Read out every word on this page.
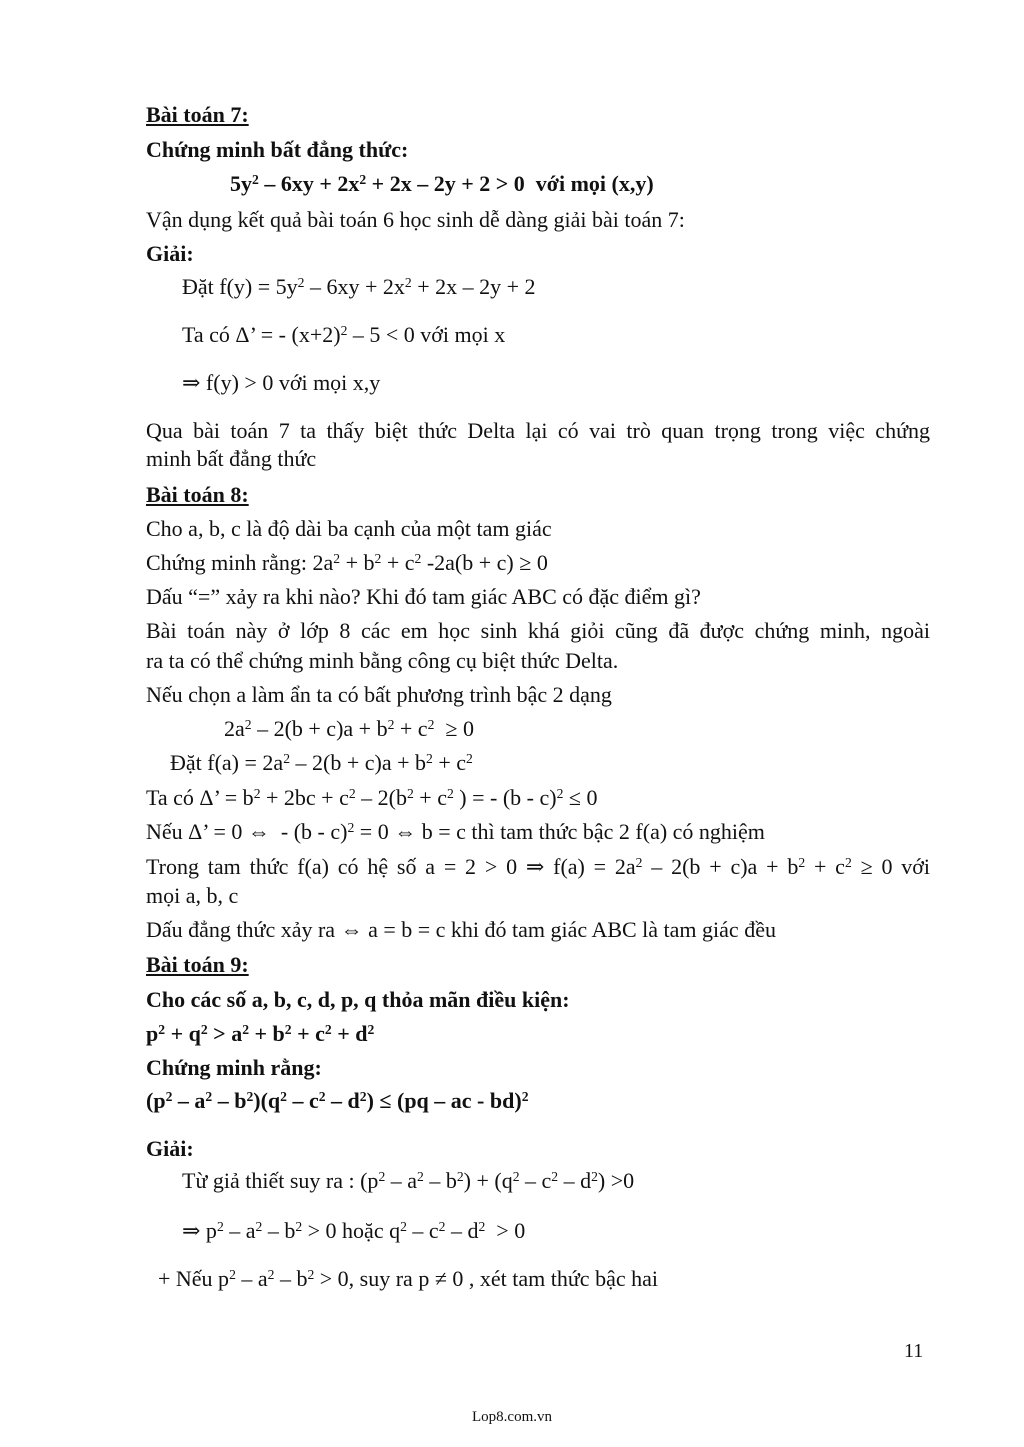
Bài toán 7:
Chứng minh bất đẳng thức:
$5y^2 - 6xy + 2x^2 + 2x - 2y + 2 > 0$  với mọi (x,y)
Vận dụng kết quả bài toán 6 học sinh dễ dàng giải bài toán 7:
Giải:
Đặt $f(y) = 5y^2 - 6xy + 2x^2 + 2x - 2y + 2$
Ta có Δ’ = - $(x+2)^2 - 5 < 0$ với mọi x
⇒ f(y) > 0 với mọi x,y
Qua bài toán 7 ta thấy biệt thức Delta lại có vai trò quan trọng trong việc chứng
minh bất đẳng thức
Bài toán 8:
Cho a, b, c là độ dài ba cạnh của một tam giác
Chứng minh rằng: $2a^2 + b^2 + c^2$ -2a(b + c) ≥ 0
Dấu “=” xảy ra khi nào? Khi đó tam giác ABC có đặc điểm gì?
Bài toán này ở lớp 8 các em học sinh khá giỏi cũng đã được chứng minh, ngoài
ra ta có thể chứng minh bằng công cụ biệt thức Delta.
Nếu chọn a làm ẩn ta có bất phương trình bậc 2 dạng
$2a^2 - 2(b + c)a + b^2 + c^2 \ge 0$
Đặt $f(a) = 2a^2 - 2(b + c)a + b^2 + c^2$
Ta có Δ’ = $b^2 + 2bc + c^2 - 2(b^2 + c^2$ ) = - (b - c)$^2$ ≤ 0
Nếu Δ’ = 0 ⇔  - (b - c)$^2$ = 0 ⇔ b = c thì tam thức bậc 2 f(a) có nghiệm
Trong tam thức f(a) có hệ số a = 2 > 0 ⇒ $f(a) = 2a^2 - 2(b + c)a + b^2 + c^2 \ge 0$ với
mọi a, b, c
Dấu đẳng thức xảy ra ⇔ a = b = c khi đó tam giác ABC là tam giác đều
Bài toán 9:
Cho các số a, b, c, d, p, q thỏa mãn điều kiện:
$p^2 + q^2 > a^2 + b^2 + c^2 + d^2$
Chứng minh rằng:
$(p^2 - a^2 - b^2)(q^2 - c^2 - d^2) \le (pq$ – ac - bd)$^2$
Giải:
Từ giả thiết suy ra : $(p^2 - a^2 - b^2) + (q^2 - c^2 - d^2) >0$
⇒ $p^2 - a^2 - b^2 > 0$ hoặc $q^2 - c^2 - d^2 > 0$
+ Nếu $p^2 - a^2 - b^2 > 0$, suy ra p ≠ 0 , xét tam thức bậc hai
11
Lop8.com.vn
